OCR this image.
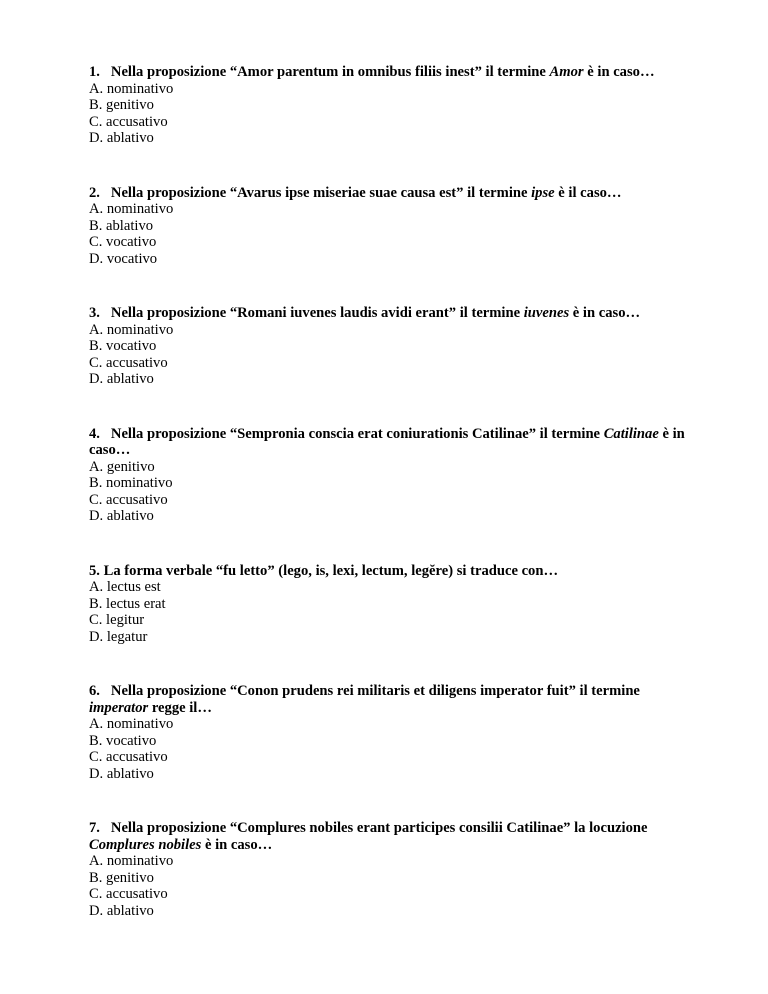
1. Nella proposizione “Amor parentum in omnibus filiis inest” il termine Amor è in caso…

A. nominativo
B. genitivo
C. accusativo
D. ablativo

2. Nella proposizione “Avarus ipse miseriae suae causa est” il termine ipse è il caso…

A. nominativo
B. ablativo
C. vocativo
D. vocativo

3. Nella proposizione “Romani iuvenes laudis avidi erant” il termine iuvenes è in caso…

A. nominativo
B. vocativo
C. accusativo
D. ablativo

4. Nella proposizione “Sempronia conscia erat coniurationis Catilinae” il termine Catilinae è in caso…

A. genitivo
B. nominativo
C. accusativo
D. ablativo

5. La forma verbale “fu letto” (lego, is, lexi, lectum, legĕre) si traduce con…

A. lectus est
B. lectus erat
C. legitur
D. legatur

6. Nella proposizione “Conon prudens rei militaris et diligens imperator fuit” il termine imperator regge il…

A. nominativo
B. vocativo
C. accusativo
D. ablativo

7. Nella proposizione “Complures nobiles erant participes consilii Catilinae” la locuzione Complures nobiles è in caso…

A. nominativo
B. genitivo
C. accusativo
D. ablativo
